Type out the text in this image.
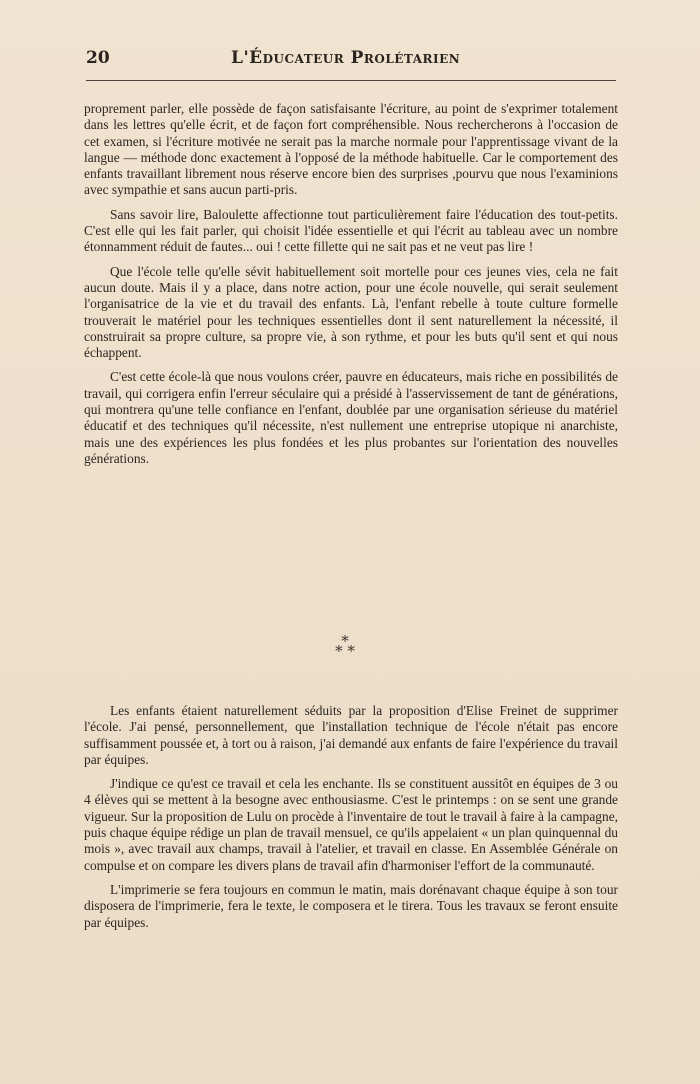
20	L'Éducateur Prolétarien

proprement parler, elle possède de façon satisfaisante l'écriture, au point de s'exprimer totalement dans les lettres qu'elle écrit, et de façon fort compréhensible. Nous rechercherons à l'occasion de cet examen, si l'écriture motivée ne serait pas la marche normale pour l'apprentissage vivant de la langue — méthode donc exactement à l'opposé de la méthode habituelle. Car le comportement des enfants travaillant librement nous réserve encore bien des surprises ,pourvu que nous l'examinions avec sympathie et sans aucun parti-pris.

Sans savoir lire, Baloulette affectionne tout particulièrement faire l'éducation des tout-petits. C'est elle qui les fait parler, qui choisit l'idée essentielle et qui l'écrit au tableau avec un nombre étonnamment réduit de fautes... oui ! cette fillette qui ne sait pas et ne veut pas lire !

Que l'école telle qu'elle sévit habituellement soit mortelle pour ces jeunes vies, cela ne fait aucun doute. Mais il y a place, dans notre action, pour une école nouvelle, qui serait seulement l'organisatrice de la vie et du travail des enfants. Là, l'enfant rebelle à toute culture formelle trouverait le matériel pour les techniques essentielles dont il sent naturellement la nécessité, il construirait sa propre culture, sa propre vie, à son rythme, et pour les buts qu'il sent et qui nous échappent.

C'est cette école-là que nous voulons créer, pauvre en éducateurs, mais riche en possibilités de travail, qui corrigera enfin l'erreur séculaire qui a présidé à l'asservissement de tant de générations, qui montrera qu'une telle confiance en l'enfant, doublée par une organisation sérieuse du matériel éducatif et des techniques qu'il nécessite, n'est nullement une entreprise utopique ni anarchiste, mais une des expériences les plus fondées et les plus probantes sur l'orientation des nouvelles générations.

*
* *

Les enfants étaient naturellement séduits par la proposition d'Elise Freinet de supprimer l'école. J'ai pensé, personnellement, que l'installation technique de l'école n'était pas encore suffisamment poussée et, à tort ou à raison, j'ai demandé aux enfants de faire l'expérience du travail par équipes.

J'indique ce qu'est ce travail et cela les enchante. Ils se constituent aussitôt en équipes de 3 ou 4 élèves qui se mettent à la besogne avec enthousiasme. C'est le printemps : on se sent une grande vigueur. Sur la proposition de Lulu on procède à l'inventaire de tout le travail à faire à la campagne, puis chaque équipe rédige un plan de travail mensuel, ce qu'ils appelaient « un plan quinquennal du mois », avec travail aux champs, travail à l'atelier, et travail en classe. En Assemblée Générale on compulse et on compare les divers plans de travail afin d'harmoniser l'effort de la communauté.

L'imprimerie se fera toujours en commun le matin, mais dorénavant chaque équipe à son tour disposera de l'imprimerie, fera le texte, le composera et le tirera. Tous les travaux se feront ensuite par équipes.
